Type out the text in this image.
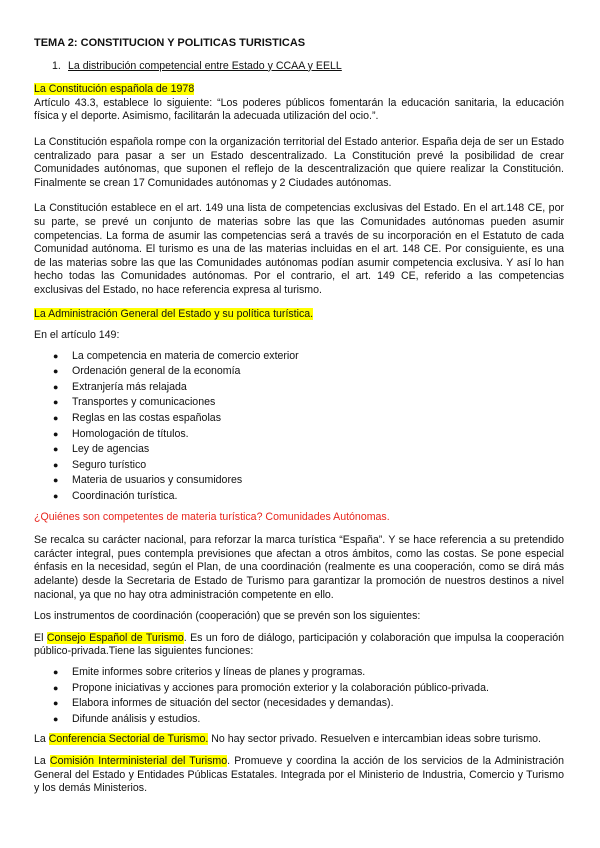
TEMA 2: CONSTITUCION Y POLITICAS TURISTICAS

1. La distribución competencial entre Estado y CCAA y EELL

La Constitución española de 1978

Artículo 43.3, establece lo siguiente: “Los poderes públicos fomentarán la educación sanitaria, la educación física y el deporte. Asimismo, facilitarán la adecuada utilización del ocio.”.

La Constitución española rompe con la organización territorial del Estado anterior. España deja de ser un Estado centralizado para pasar a ser un Estado descentralizado. La Constitución prevé la posibilidad de crear Comunidades autónomas, que suponen el reflejo de la descentralización que quiere realizar la Constitución. Finalmente se crean 17 Comunidades autónomas y 2 Ciudades autónomas.

La Constitución establece en el art. 149 una lista de competencias exclusivas del Estado. En el art.148 CE, por su parte, se prevé un conjunto de materias sobre las que las Comunidades autónomas pueden asumir competencias. La forma de asumir las competencias será a través de su incorporación en el Estatuto de cada Comunidad autónoma. El turismo es una de las materias incluidas en el art. 148 CE. Por consiguiente, es una de las materias sobre las que las Comunidades autónomas podían asumir competencia exclusiva. Y así lo han hecho todas las Comunidades autónomas. Por el contrario, el art. 149 CE, referido a las competencias exclusivas del Estado, no hace referencia expresa al turismo.

La Administración General del Estado y su política turística.

En el artículo 149:

● La competencia en materia de comercio exterior
● Ordenación general de la economía
● Extranjería más relajada
● Transportes y comunicaciones
● Reglas en las costas españolas
● Homologación de títulos.
● Ley de agencias
● Seguro turístico
● Materia de usuarios y consumidores
● Coordinación turística.

¿Quiénes son competentes de materia turística? Comunidades Autónomas.

Se recalca su carácter nacional, para reforzar la marca turística “España”. Y se hace referencia a su pretendido carácter integral, pues contempla previsiones que afectan a otros ámbitos, como las costas. Se pone especial énfasis en la necesidad, según el Plan, de una coordinación (realmente es una cooperación, como se dirá más adelante) desde la Secretaria de Estado de Turismo para garantizar la promoción de nuestros destinos a nivel nacional, ya que no hay otra administración competente en ello.

Los instrumentos de coordinación (cooperación) que se prevén son los siguientes:

El Consejo Español de Turismo. Es un foro de diálogo, participación y colaboración que impulsa la cooperación público-privada.Tiene las siguientes funciones:

● Emite informes sobre criterios y líneas de planes y programas.
● Propone iniciativas y acciones para promoción exterior y la colaboración público-privada.
● Elabora informes de situación del sector (necesidades y demandas).
● Difunde análisis y estudios.

La Conferencia Sectorial de Turismo. No hay sector privado. Resuelven e intercambian ideas sobre turismo.

La Comisión Interministerial del Turismo. Promueve y coordina la acción de los servicios de la Administración General del Estado y Entidades Públicas Estatales. Integrada por el Ministerio de Industria, Comercio y Turismo y los demás Ministerios.
